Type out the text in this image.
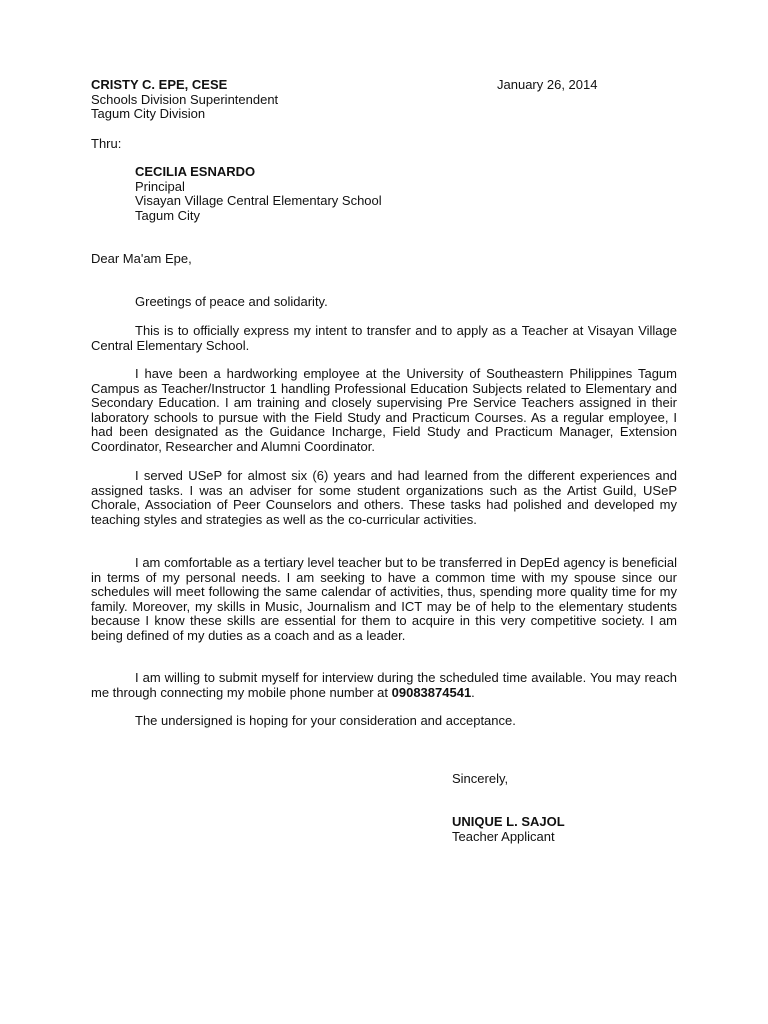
CRISTY C. EPE, CESE
Schools Division Superintendent
Tagum City Division
January 26, 2014
Thru:
CECILIA ESNARDO
Principal
Visayan Village Central Elementary School
Tagum City
Dear Ma'am Epe,

Greetings of peace and solidarity.

This is to officially express my intent to transfer and to apply as a Teacher at Visayan Village Central Elementary School.

I have been a hardworking employee at the University of Southeastern Philippines Tagum Campus as Teacher/Instructor 1 handling Professional Education Subjects related to Elementary and Secondary Education. I am training and closely supervising Pre Service Teachers assigned in their laboratory schools to pursue with the Field Study and Practicum Courses. As a regular employee, I had been designated as the Guidance Incharge, Field Study and Practicum Manager, Extension Coordinator, Researcher and Alumni Coordinator.

I served USeP for almost six (6) years and had learned from the different experiences and assigned tasks. I was an adviser for some student organizations such as the Artist Guild, USeP Chorale, Association of Peer Counselors and others. These tasks had polished and developed my teaching styles and strategies as well as the co-curricular activities.

I am comfortable as a tertiary level teacher but to be transferred in DepEd agency is beneficial in terms of my personal needs. I am seeking to have a common time with my spouse since our schedules will meet following the same calendar of activities, thus, spending more quality time for my family. Moreover, my skills in Music, Journalism and ICT may be of help to the elementary students because I know these skills are essential for them to acquire in this very competitive society. I am being defined of my duties as a coach and as a leader.

I am willing to submit myself for interview during the scheduled time available. You may reach me through connecting my mobile phone number at 09083874541.

The undersigned is hoping for your consideration and acceptance.

Sincerely,
UNIQUE L. SAJOL
Teacher Applicant
